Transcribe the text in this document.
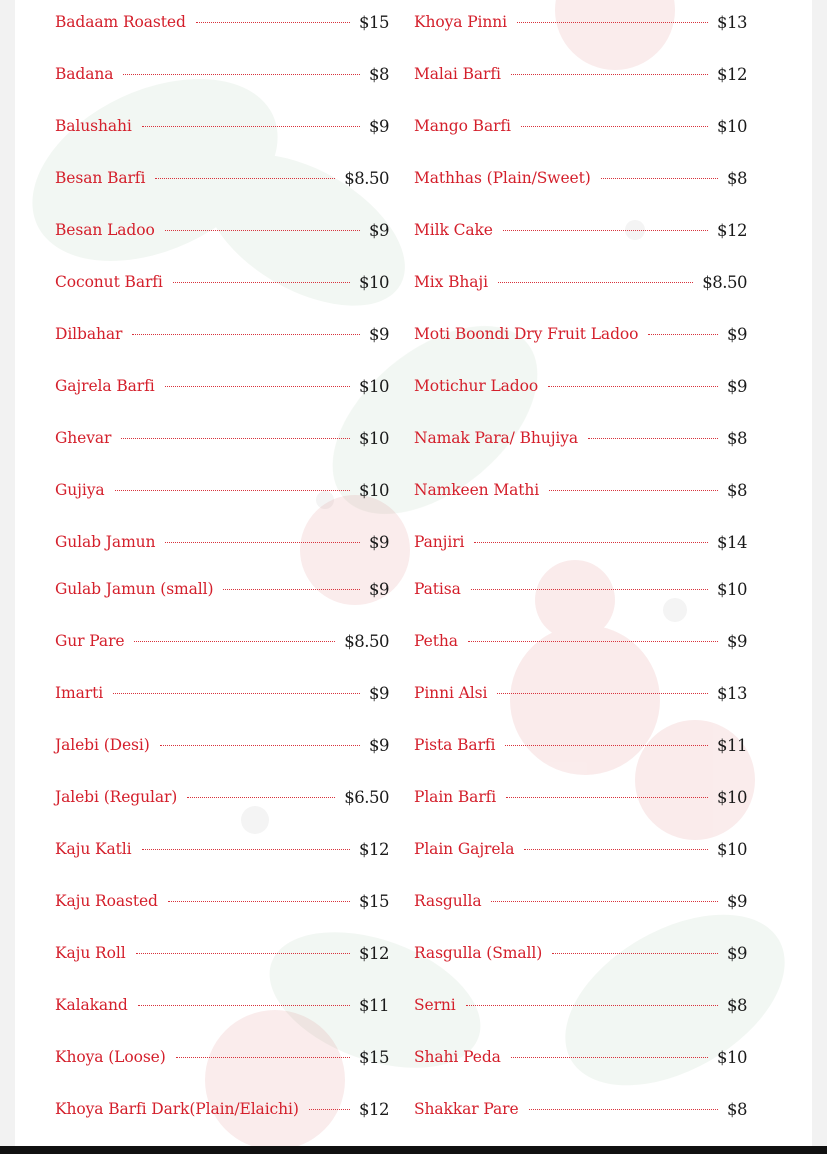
Badaam Roasted	$15
Badana	$8
Balushahi	$9
Besan Barfi	$8.50
Besan Ladoo	$9
Coconut Barfi	$10
Dilbahar	$9
Gajrela Barfi	$10
Ghevar	$10
Gujiya	$10
Gulab Jamun	$9
Gulab Jamun (small)	$9
Gur Pare	$8.50
Imarti	$9
Jalebi (Desi)	$9
Jalebi (Regular)	$6.50
Kaju Katli	$12
Kaju Roasted	$15
Kaju Roll	$12
Kalakand	$11
Khoya (Loose)	$15
Khoya Barfi Dark(Plain/Elaichi)	$12
Khoya Pinni	$13
Malai Barfi	$12
Mango Barfi	$10
Mathhas (Plain/Sweet)	$8
Milk Cake	$12
Mix Bhaji	$8.50
Moti Boondi Dry Fruit Ladoo	$9
Motichur Ladoo	$9
Namak Para/ Bhujiya	$8
Namkeen Mathi	$8
Panjiri	$14
Patisa	$10
Petha	$9
Pinni Alsi	$13
Pista Barfi	$11
Plain Barfi	$10
Plain Gajrela	$10
Rasgulla	$9
Rasgulla (Small)	$9
Serni	$8
Shahi Peda	$10
Shakkar Pare	$8
